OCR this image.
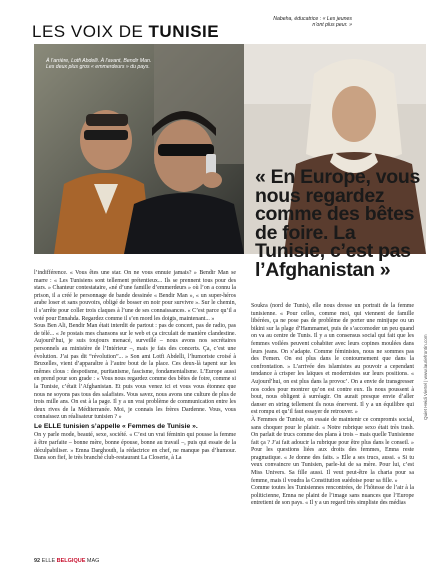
LES VOIX DE TUNISIE
À l’arrière, Lotfi Abdelli. À l’avant, Bendir Man. Les deux plus gros « emmerdeurs » du pays.
Nabeha, éducatrice : « Les jeunes n’ont plus peur. »
« En Europe, vous nous regardez comme des bêtes de foire. La Tunisie, c’est pas l’Afghanistan »

l’indifférence. « Vous êtes une star. On ne vous ennuie jamais? » Bendir Man se marre : « Les Tunisiens sont tellement prétentieux... Ils se prennent tous pour des stars. » Chanteur contestataire, «né d’une famille d’emmerdeurs » où l’on a connu la prison, il a créé le personnage de bande dessinée « Bendir Man », « un super-héros arabe loser et sans pouvoirs, obligé de bosser en noir pour survivre ». Sur le chemin, il s’arrête pour coller trois claques à l’une de ses connaissances. « C’est parce qu’il a voté pour Ennahda. Regardez comme il s’en mord les doigts, maintenant... »

Sous Ben Ali, Bendir Man était interdit de partout : pas de concert, pas de radio, pas de télé... « Je postais mes chansons sur le web et ça circulait de manière clandestine. Aujourd’hui, je suis toujours menacé, surveillé – nous avons nos secrétaires personnels au ministère de l’Intérieur –, mais je fais des concerts. Ça, c’est une évolution. J’ai pas dit “révolution”... » Son ami Lotfi Abdelli, l’humoriste croisé à Bruxelles, vient d’apparaître à l’autre bout de la place. Ces deux-là tapent sur les mêmes clous : despotisme, puritanisme, fascisme, fondamentalisme. L’Europe aussi en prend pour son grade : « Vous nous regardez comme des bêtes de foire, comme si la Tunisie, c’était l’Afghanistan. Et puis vous venez ici et vous vous étonnez que nous ne soyons pas tous des salafistes. Vous savez, nous avons une culture de plus de trois mille ans. On est à la page. Il y a un vrai problème de communication entre les deux rives de la Méditerranée. Moi, je connais les frères Dardenne. Vous, vous connaissez un réalisateur tunisien ? »

Le ELLE tunisien s’appelle « Femmes de Tunisie ».

On y parle mode, beauté, sexe, société. « C’est un vrai féminin qui pousse la femme à être parfaite – bonne mère, bonne épouse, bonne au travail –, puis qui essaie de la déculpabiliser. » Emna Darghouth, la rédactrice en chef, ne manque pas d’humour. Dans son fief, le très branché club-restaurant La Closerie, à La

Soukra (nord de Tunis), elle nous dresse un portrait de la femme tunisienne. « Pour celles, comme moi, qui viennent de famille libérées, ça ne pose pas de problème de porter une minijupe ou un bikini sur la plage d’Hammamet, puis de s’accomoder un peu quand on va au centre de Tunis. Il y a un consensus social qui fait que les femmes voilées peuvent cohabiter avec leurs copines moulées dans leurs jeans. On s’adapte. Comme féministes, nous ne sommes pas des Femen. On est plus dans le contournement que dans la confrontation. » L’arrivée des islamistes au pouvoir a cependant tendance à crisper les laïques et modernistes sur leurs positions. « Aujourd’hui, on est plus dans la provoc’. On a envie de transgresser nos codes pour montrer qu’on est contre eux. Ils nous poussent à bout, nous obligent à surréagir. On aurait presque envie d’aller danser en string tellement ils nous énervent. Il y a un équilibre qui est rompu et qu’il faut essayer de retrouver. »

À Femmes de Tunisie, on essaie de maintenir ce compromis social, sans choquer pour le plaisir. « Notre rubrique sexo était très trash. On parlait de trucs comme des plans à trois – mais quelle Tunisienne fait ça ? J’ai fait adoucir la rubrique pour être plus dans le conseil. » Pour les questions liées aux droits des femmes, Emna reste pragmatique. « Je donne des faits. » Elle a ses trucs, aussi. « Si tu veux convaincre un Tunisien, parle-lui de sa mère. Pour lui, c’est Miss Univers. Sa fille aussi. Il veut peut-être la charia pour sa femme, mais il voudra la Constitution suédoise pour sa fille. »

Comme toutes les Tunisiennes rencontrées, de l’hôtesse de l’air à la politicienne, Emna ne plaint de l’image sans nuances que l’Europe entretient de son pays. « Il y a un regard très simpliste des médias

Quiet Heidi Viertel | www.lauriefrontin.com
92 ELLE BELGIQUE MAG
